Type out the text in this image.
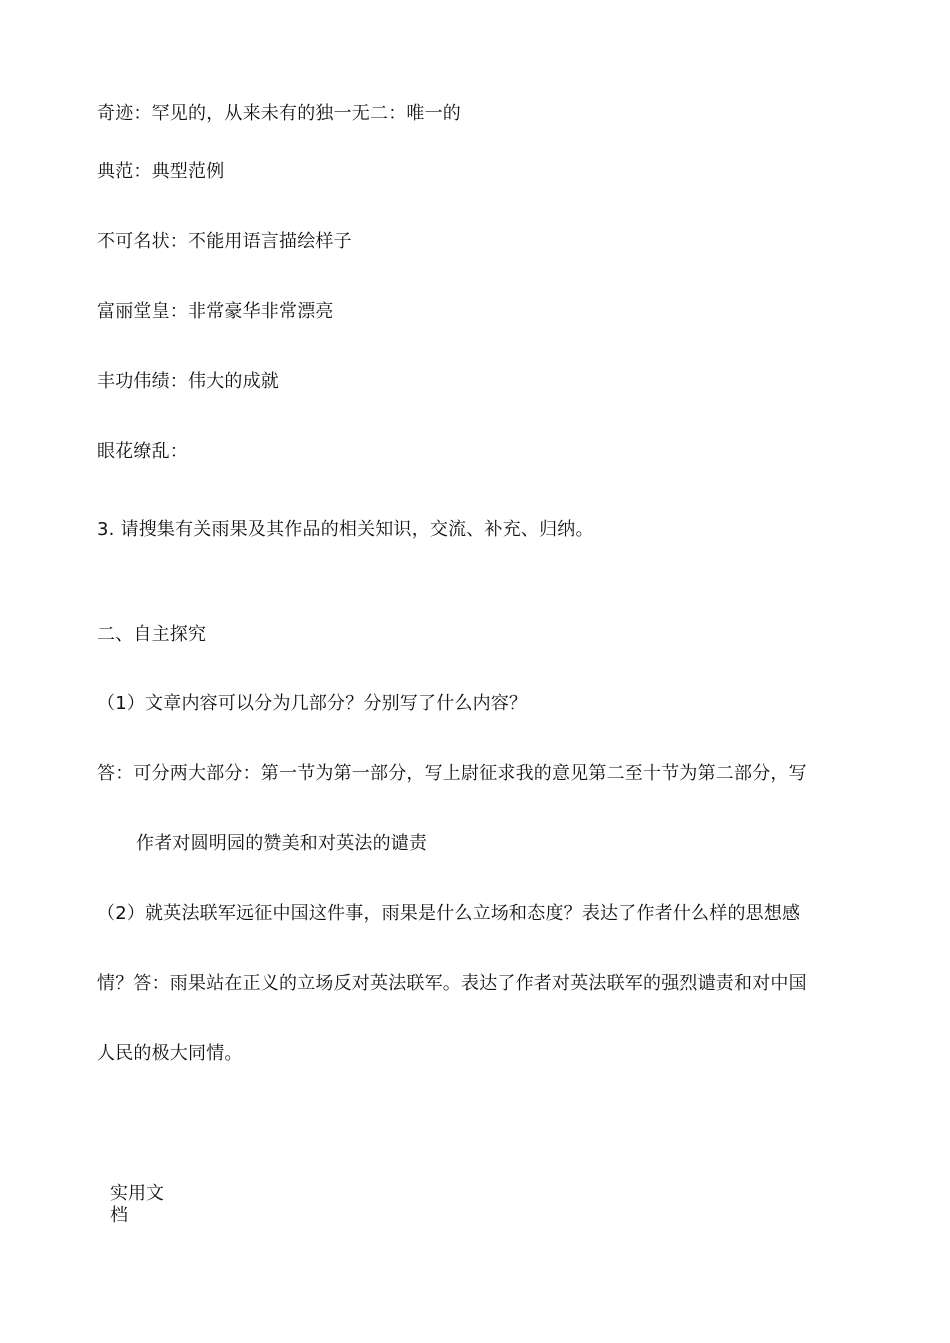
奇迹：罕见的，从来未有的独一无二：唯一的
典范：典型范例
不可名状：不能用语言描绘样子
富丽堂皇：非常豪华非常漂亮
丰功伟绩：伟大的成就
眼花缭乱：
3. 请搜集有关雨果及其作品的相关知识，交流、补充、归纳。
二、自主探究
（1）文章内容可以分为几部分？分别写了什么内容？
答：可分两大部分：第一节为第一部分，写上尉征求我的意见第二至十节为第二部分，写
作者对圆明园的赞美和对英法的谴责
（2）就英法联军远征中国这件事，雨果是什么立场和态度？表达了作者什么样的思想感
情？答：雨果站在正义的立场反对英法联军。表达了作者对英法联军的强烈谴责和对中国
人民的极大同情。
实用文档
